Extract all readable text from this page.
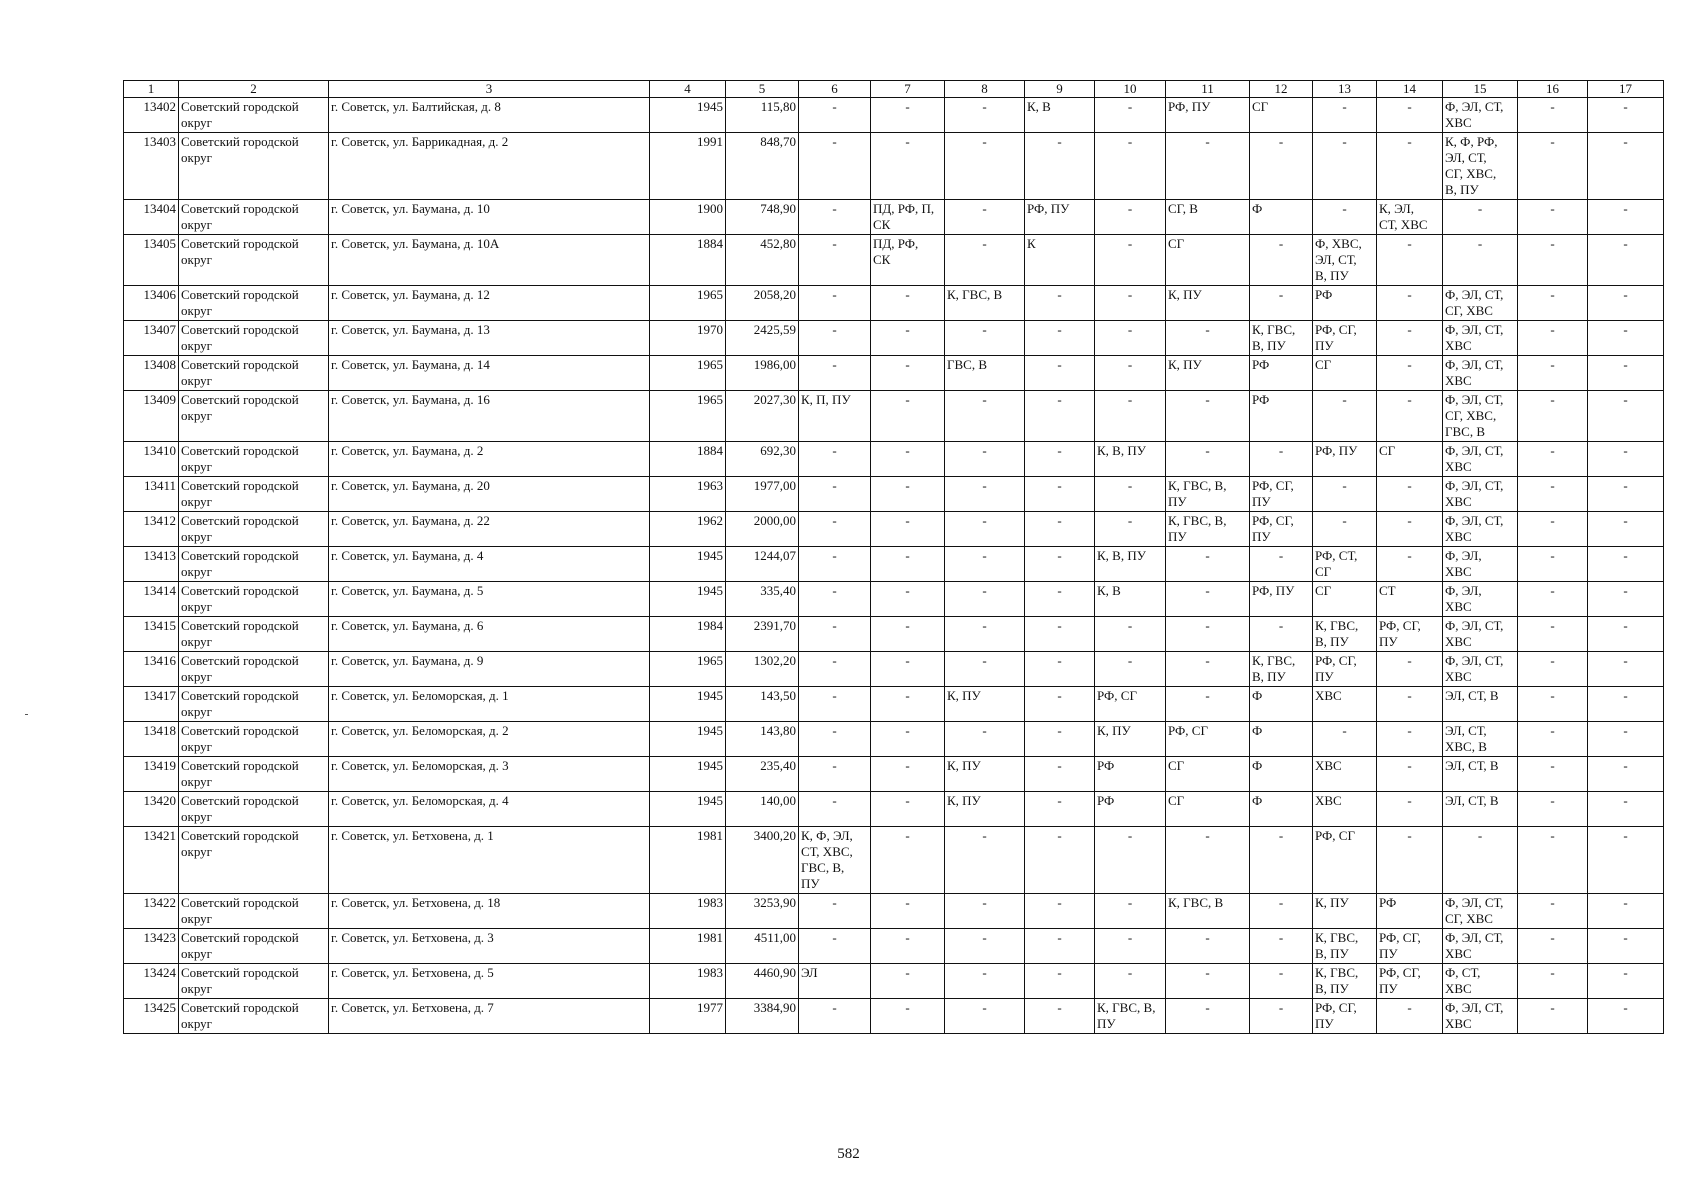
1	2	3	4	5	6	7	8	9	10	11	12	13	14	15	16	17
13402	Советский городской
округ	г. Советск, ул. Балтийская, д. 8	1945	115,80	-	-	-	К, В	-	РФ, ПУ	СГ	-	-	Ф, ЭЛ, СТ,
ХВС	-	-
13403	Советский городской
округ	г. Советск, ул. Баррикадная, д. 2	1991	848,70	-	-	-	-	-	-	-	-	-	К, Ф, РФ,
ЭЛ, СТ,
СГ, ХВС,
В, ПУ	-	-
13404	Советский городской
округ	г. Советск, ул. Баумана, д. 10	1900	748,90	-	ПД, РФ, П,
СК	-	РФ, ПУ	-	СГ, В	Ф	-	К, ЭЛ,
СТ, ХВС	-	-	-
13405	Советский городской
округ	г. Советск, ул. Баумана, д. 10А	1884	452,80	-	ПД, РФ,
СК	-	К	-	СГ	-	Ф, ХВС,
ЭЛ, СТ,
В, ПУ	-	-	-	-
13406	Советский городской
округ	г. Советск, ул. Баумана, д. 12	1965	2058,20	-	-	К, ГВС, В	-	-	К, ПУ	-	РФ	-	Ф, ЭЛ, СТ,
СГ, ХВС	-	-
13407	Советский городской
округ	г. Советск, ул. Баумана, д. 13	1970	2425,59	-	-	-	-	-	-	К, ГВС,
В, ПУ	РФ, СГ,
ПУ	-	Ф, ЭЛ, СТ,
ХВС	-	-
13408	Советский городской
округ	г. Советск, ул. Баумана, д. 14	1965	1986,00	-	-	ГВС, В	-	-	К, ПУ	РФ	СГ	-	Ф, ЭЛ, СТ,
ХВС	-	-
13409	Советский городской
округ	г. Советск, ул. Баумана, д. 16	1965	2027,30	К, П, ПУ	-	-	-	-	-	РФ	-	-	Ф, ЭЛ, СТ,
СГ, ХВС,
ГВС, В	-	-
13410	Советский городской
округ	г. Советск, ул. Баумана, д. 2	1884	692,30	-	-	-	-	К, В, ПУ	-	-	РФ, ПУ	СГ	Ф, ЭЛ, СТ,
ХВС	-	-
13411	Советский городской
округ	г. Советск, ул. Баумана, д. 20	1963	1977,00	-	-	-	-	-	К, ГВС, В,
ПУ	РФ, СГ,
ПУ	-	-	Ф, ЭЛ, СТ,
ХВС	-	-
13412	Советский городской
округ	г. Советск, ул. Баумана, д. 22	1962	2000,00	-	-	-	-	-	К, ГВС, В,
ПУ	РФ, СГ,
ПУ	-	-	Ф, ЭЛ, СТ,
ХВС	-	-
13413	Советский городской
округ	г. Советск, ул. Баумана, д. 4	1945	1244,07	-	-	-	-	К, В, ПУ	-	-	РФ, СТ,
СГ	-	Ф, ЭЛ,
ХВС	-	-
13414	Советский городской
округ	г. Советск, ул. Баумана, д. 5	1945	335,40	-	-	-	-	К, В	-	РФ, ПУ	СГ	СТ	Ф, ЭЛ,
ХВС	-	-
13415	Советский городской
округ	г. Советск, ул. Баумана, д. 6	1984	2391,70	-	-	-	-	-	-	-	К, ГВС,
В, ПУ	РФ, СГ,
ПУ	Ф, ЭЛ, СТ,
ХВС	-	-
13416	Советский городской
округ	г. Советск, ул. Баумана, д. 9	1965	1302,20	-	-	-	-	-	-	К, ГВС,
В, ПУ	РФ, СГ,
ПУ	-	Ф, ЭЛ, СТ,
ХВС	-	-
13417	Советский городской
округ	г. Советск, ул. Беломорская, д. 1	1945	143,50	-	-	К, ПУ	-	РФ, СГ	-	Ф	ХВС	-	ЭЛ, СТ, В	-	-
13418	Советский городской
округ	г. Советск, ул. Беломорская, д. 2	1945	143,80	-	-	-	-	К, ПУ	РФ, СГ	Ф	-	-	ЭЛ, СТ,
ХВС, В	-	-
13419	Советский городской
округ	г. Советск, ул. Беломорская, д. 3	1945	235,40	-	-	К, ПУ	-	РФ	СГ	Ф	ХВС	-	ЭЛ, СТ, В	-	-
13420	Советский городской
округ	г. Советск, ул. Беломорская, д. 4	1945	140,00	-	-	К, ПУ	-	РФ	СГ	Ф	ХВС	-	ЭЛ, СТ, В	-	-
13421	Советский городской
округ	г. Советск, ул. Бетховена, д. 1	1981	3400,20	К, Ф, ЭЛ,
СТ, ХВС,
ГВС, В,
ПУ	-	-	-	-	-	-	РФ, СГ	-	-	-	-
13422	Советский городской
округ	г. Советск, ул. Бетховена, д. 18	1983	3253,90	-	-	-	-	-	К, ГВС, В	-	К, ПУ	РФ	Ф, ЭЛ, СТ,
СГ, ХВС	-	-
13423	Советский городской
округ	г. Советск, ул. Бетховена, д. 3	1981	4511,00	-	-	-	-	-	-	-	К, ГВС,
В, ПУ	РФ, СГ,
ПУ	Ф, ЭЛ, СТ,
ХВС	-	-
13424	Советский городской
округ	г. Советск, ул. Бетховена, д. 5	1983	4460,90	ЭЛ	-	-	-	-	-	-	К, ГВС,
В, ПУ	РФ, СГ,
ПУ	Ф, СТ,
ХВС	-	-
13425	Советский городской
округ	г. Советск, ул. Бетховена, д. 7	1977	3384,90	-	-	-	-	К, ГВС, В,
ПУ	-	-	РФ, СГ,
ПУ	-	Ф, ЭЛ, СТ,
ХВС	-	-
582
